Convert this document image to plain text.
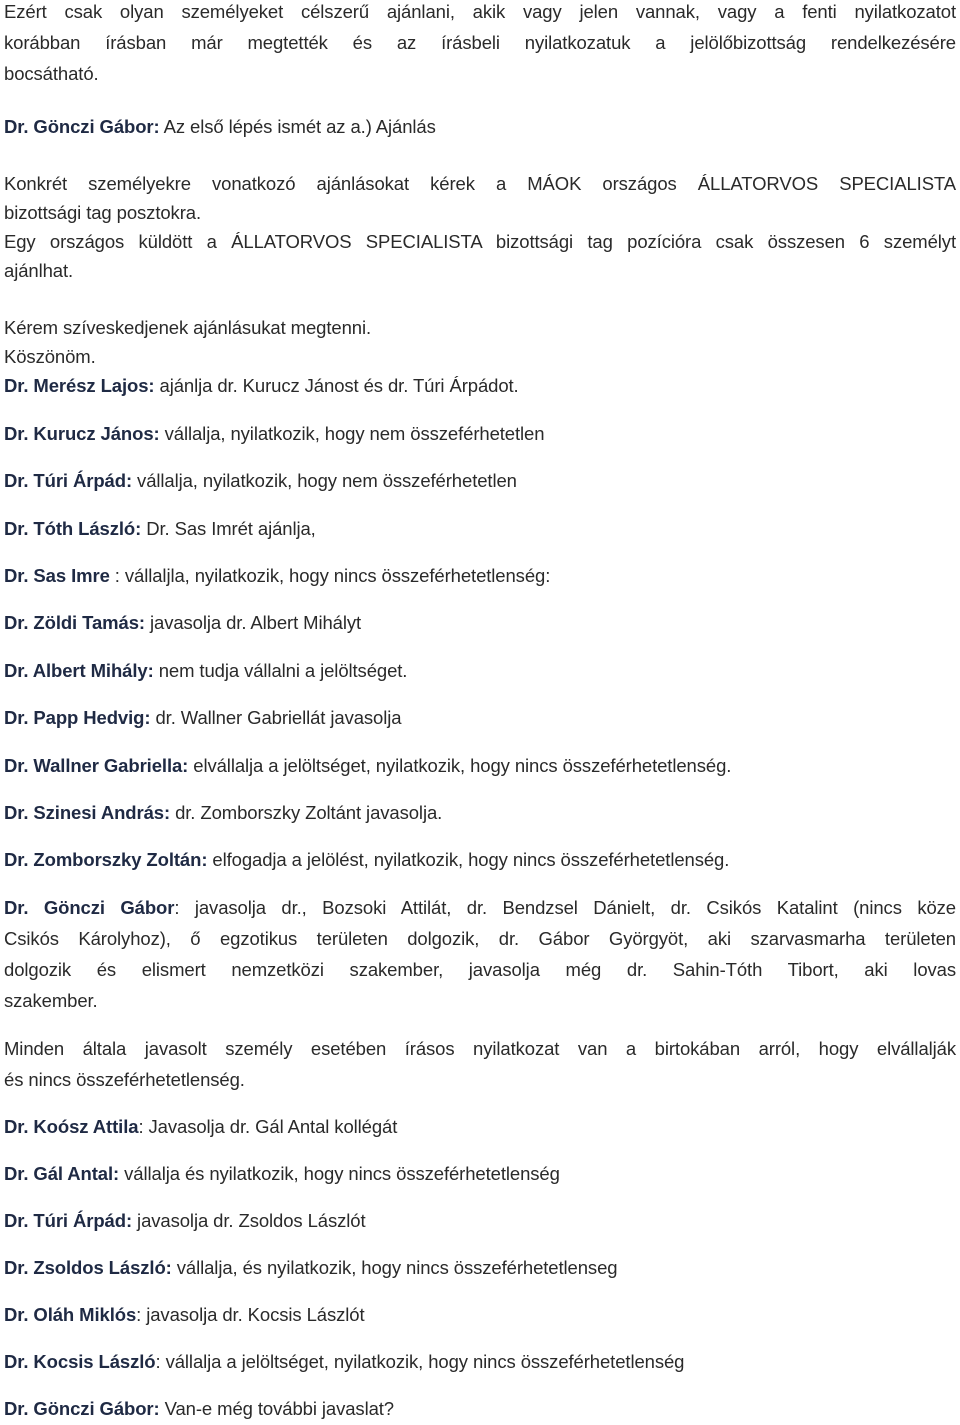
Ezért csak olyan személyeket célszerű ajánlani, akik vagy jelen vannak, vagy a fenti nyilatkozatot
korábban írásban már megtették és az írásbeli nyilatkozatuk a jelölőbizottság rendelkezésére
bocsátható.
Dr. Gönczi Gábor: Az első lépés ismét az a.) Ajánlás
Konkrét személyekre vonatkozó ajánlásokat kérek a MÁOK országos ÁLLATORVOS SPECIALISTA
bizottsági tag posztokra.
Egy országos küldött a ÁLLATORVOS SPECIALISTA bizottsági tag pozícióra csak összesen 6 személyt
ajánlhat.
Kérem szíveskedjenek ajánlásukat megtenni.
Köszönöm.
Dr. Merész Lajos: ajánlja dr. Kurucz Jánost és dr. Túri Árpádot.
Dr. Kurucz János: vállalja, nyilatkozik, hogy nem összeférhetetlen
Dr. Túri Árpád: vállalja, nyilatkozik, hogy nem összeférhetetlen
Dr. Tóth László: Dr. Sas Imrét ajánlja,
Dr. Sas Imre : vállaljla, nyilatkozik, hogy nincs összeférhetetlenség:
Dr. Zöldi Tamás: javasolja dr. Albert Mihályt
Dr. Albert Mihály: nem tudja vállalni a jelöltséget.
Dr. Papp Hedvig: dr. Wallner Gabriellát javasolja
Dr. Wallner Gabriella: elvállalja a jelöltséget, nyilatkozik, hogy nincs összeférhetetlenség.
Dr. Szinesi András: dr. Zomborszky Zoltánt javasolja.
Dr. Zomborszky Zoltán: elfogadja a jelölést, nyilatkozik, hogy nincs összeférhetetlenség.
Dr. Gönczi Gábor: javasolja dr., Bozsoki Attilát, dr. Bendzsel Dánielt, dr. Csikós Katalint (nincs köze
Csikós Károlyhoz), ő egzotikus területen dolgozik, dr. Gábor Györgyöt, aki szarvasmarha területen
dolgozik és elismert nemzetközi szakember, javasolja még dr. Sahin-Tóth Tibort, aki lovas
szakember.
Minden általa javasolt személy esetében írásos nyilatkozat van a birtokában arról, hogy elvállalják
és nincs összeférhetetlenség.
Dr. Koósz Attila: Javasolja dr. Gál Antal kollégát
Dr. Gál Antal: vállalja és nyilatkozik, hogy nincs összeférhetetlenség
Dr. Túri Árpád: javasolja dr. Zsoldos Lászlót
Dr. Zsoldos László: vállalja, és nyilatkozik, hogy nincs összeférhetetlenseg
Dr. Oláh Miklós: javasolja dr. Kocsis Lászlót
Dr. Kocsis László: vállalja a jelöltséget, nyilatkozik, hogy nincs összeférhetetlenség
Dr. Gönczi Gábor: Van-e még további javaslat?
